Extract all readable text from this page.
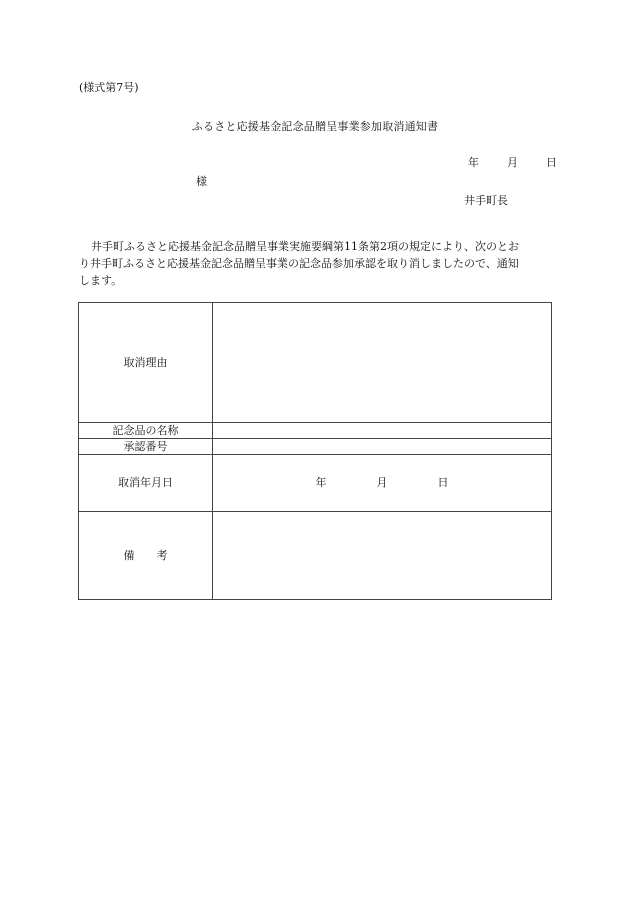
(様式第7号)
ふるさと応援基金記念品贈呈事業参加取消通知書
年	月	日
様
井手町長
井手町ふるさと応援基金記念品贈呈事業実施要綱第11条第2項の規定により、次のとお
り井手町ふるさと応援基金記念品贈呈事業の記念品参加承認を取り消しましたので、通知
します。
取消理由	
記念品の名称	
承認番号	
取消年月日	年 月 日
備　　考	
